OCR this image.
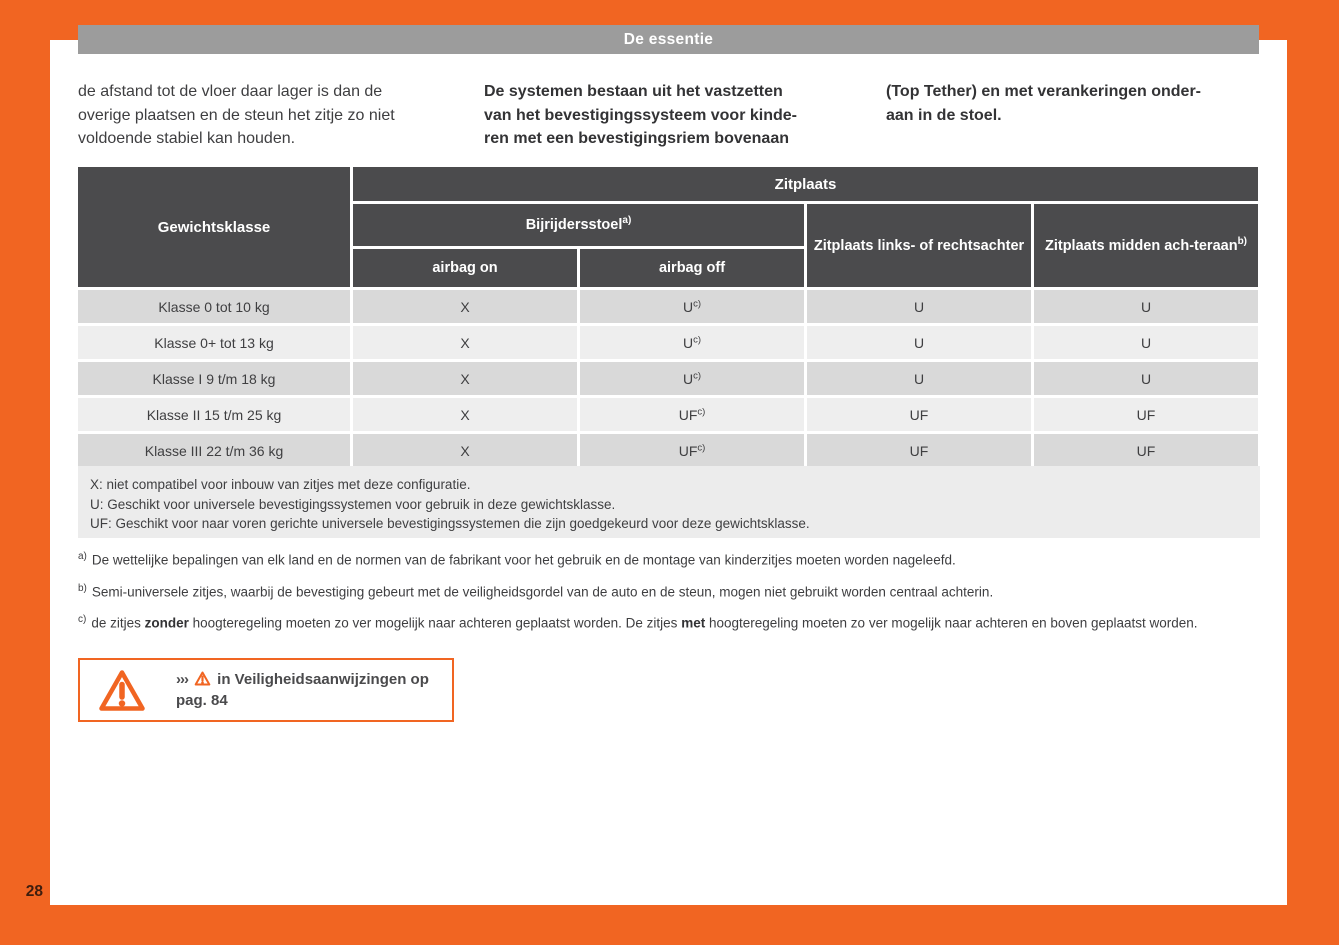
De essentie
de afstand tot de vloer daar lager is dan de
overige plaatsen en de steun het zitje zo niet
voldoende stabiel kan houden.
De systemen bestaan uit het vastzetten
van het bevestigingssysteem voor kinde-
ren met een bevestigingsriem bovenaan
(Top Tether) en met verankeringen onder-
aan in de stoel.
Gewichtsklasse	Zitplaats			
	Bijrijdersstoel$^{a)}$		Zitplaats links- of rechtsachter	Zitplaats midden ach-teraan$^{b)}$
	airbag on	airbag off		
Klasse 0 tot 10 kg	X	$U^{c)}$	U	U
Klasse 0+ tot 13 kg	X	$U^{c)}$	U	U
Klasse I 9 t/m 18 kg	X	$U^{c)}$	U	U
Klasse II 15 t/m 25 kg	X	UF$^{c)}$	UF	UF
Klasse III 22 t/m 36 kg	X	UF$^{c)}$	UF	UF
X: niet compatibel voor inbouw van zitjes met deze configuratie.
U: Geschikt voor universele bevestigingssystemen voor gebruik in deze gewichtsklasse.
UF: Geschikt voor naar voren gerichte universele bevestigingssystemen die zijn goedgekeurd voor deze gewichtsklasse.

$^{a)}$ De wettelijke bepalingen van elk land en de normen van de fabrikant voor het gebruik en de montage van kinderzitjes moeten worden nageleefd.

$^{b)}$ Semi-universele zitjes, waarbij de bevestiging gebeurt met de veiligheidsgordel van de auto en de steun, mogen niet gebruikt worden centraal achterin.

$^{c)}$ de zitjes zonder hoogteregeling moeten zo ver mogelijk naar achteren geplaatst worden. De zitjes met hoogteregeling moeten zo ver mogelijk naar achteren en boven geplaatst worden.

››› in Veiligheidsaanwijzingen op pag. 84
28
